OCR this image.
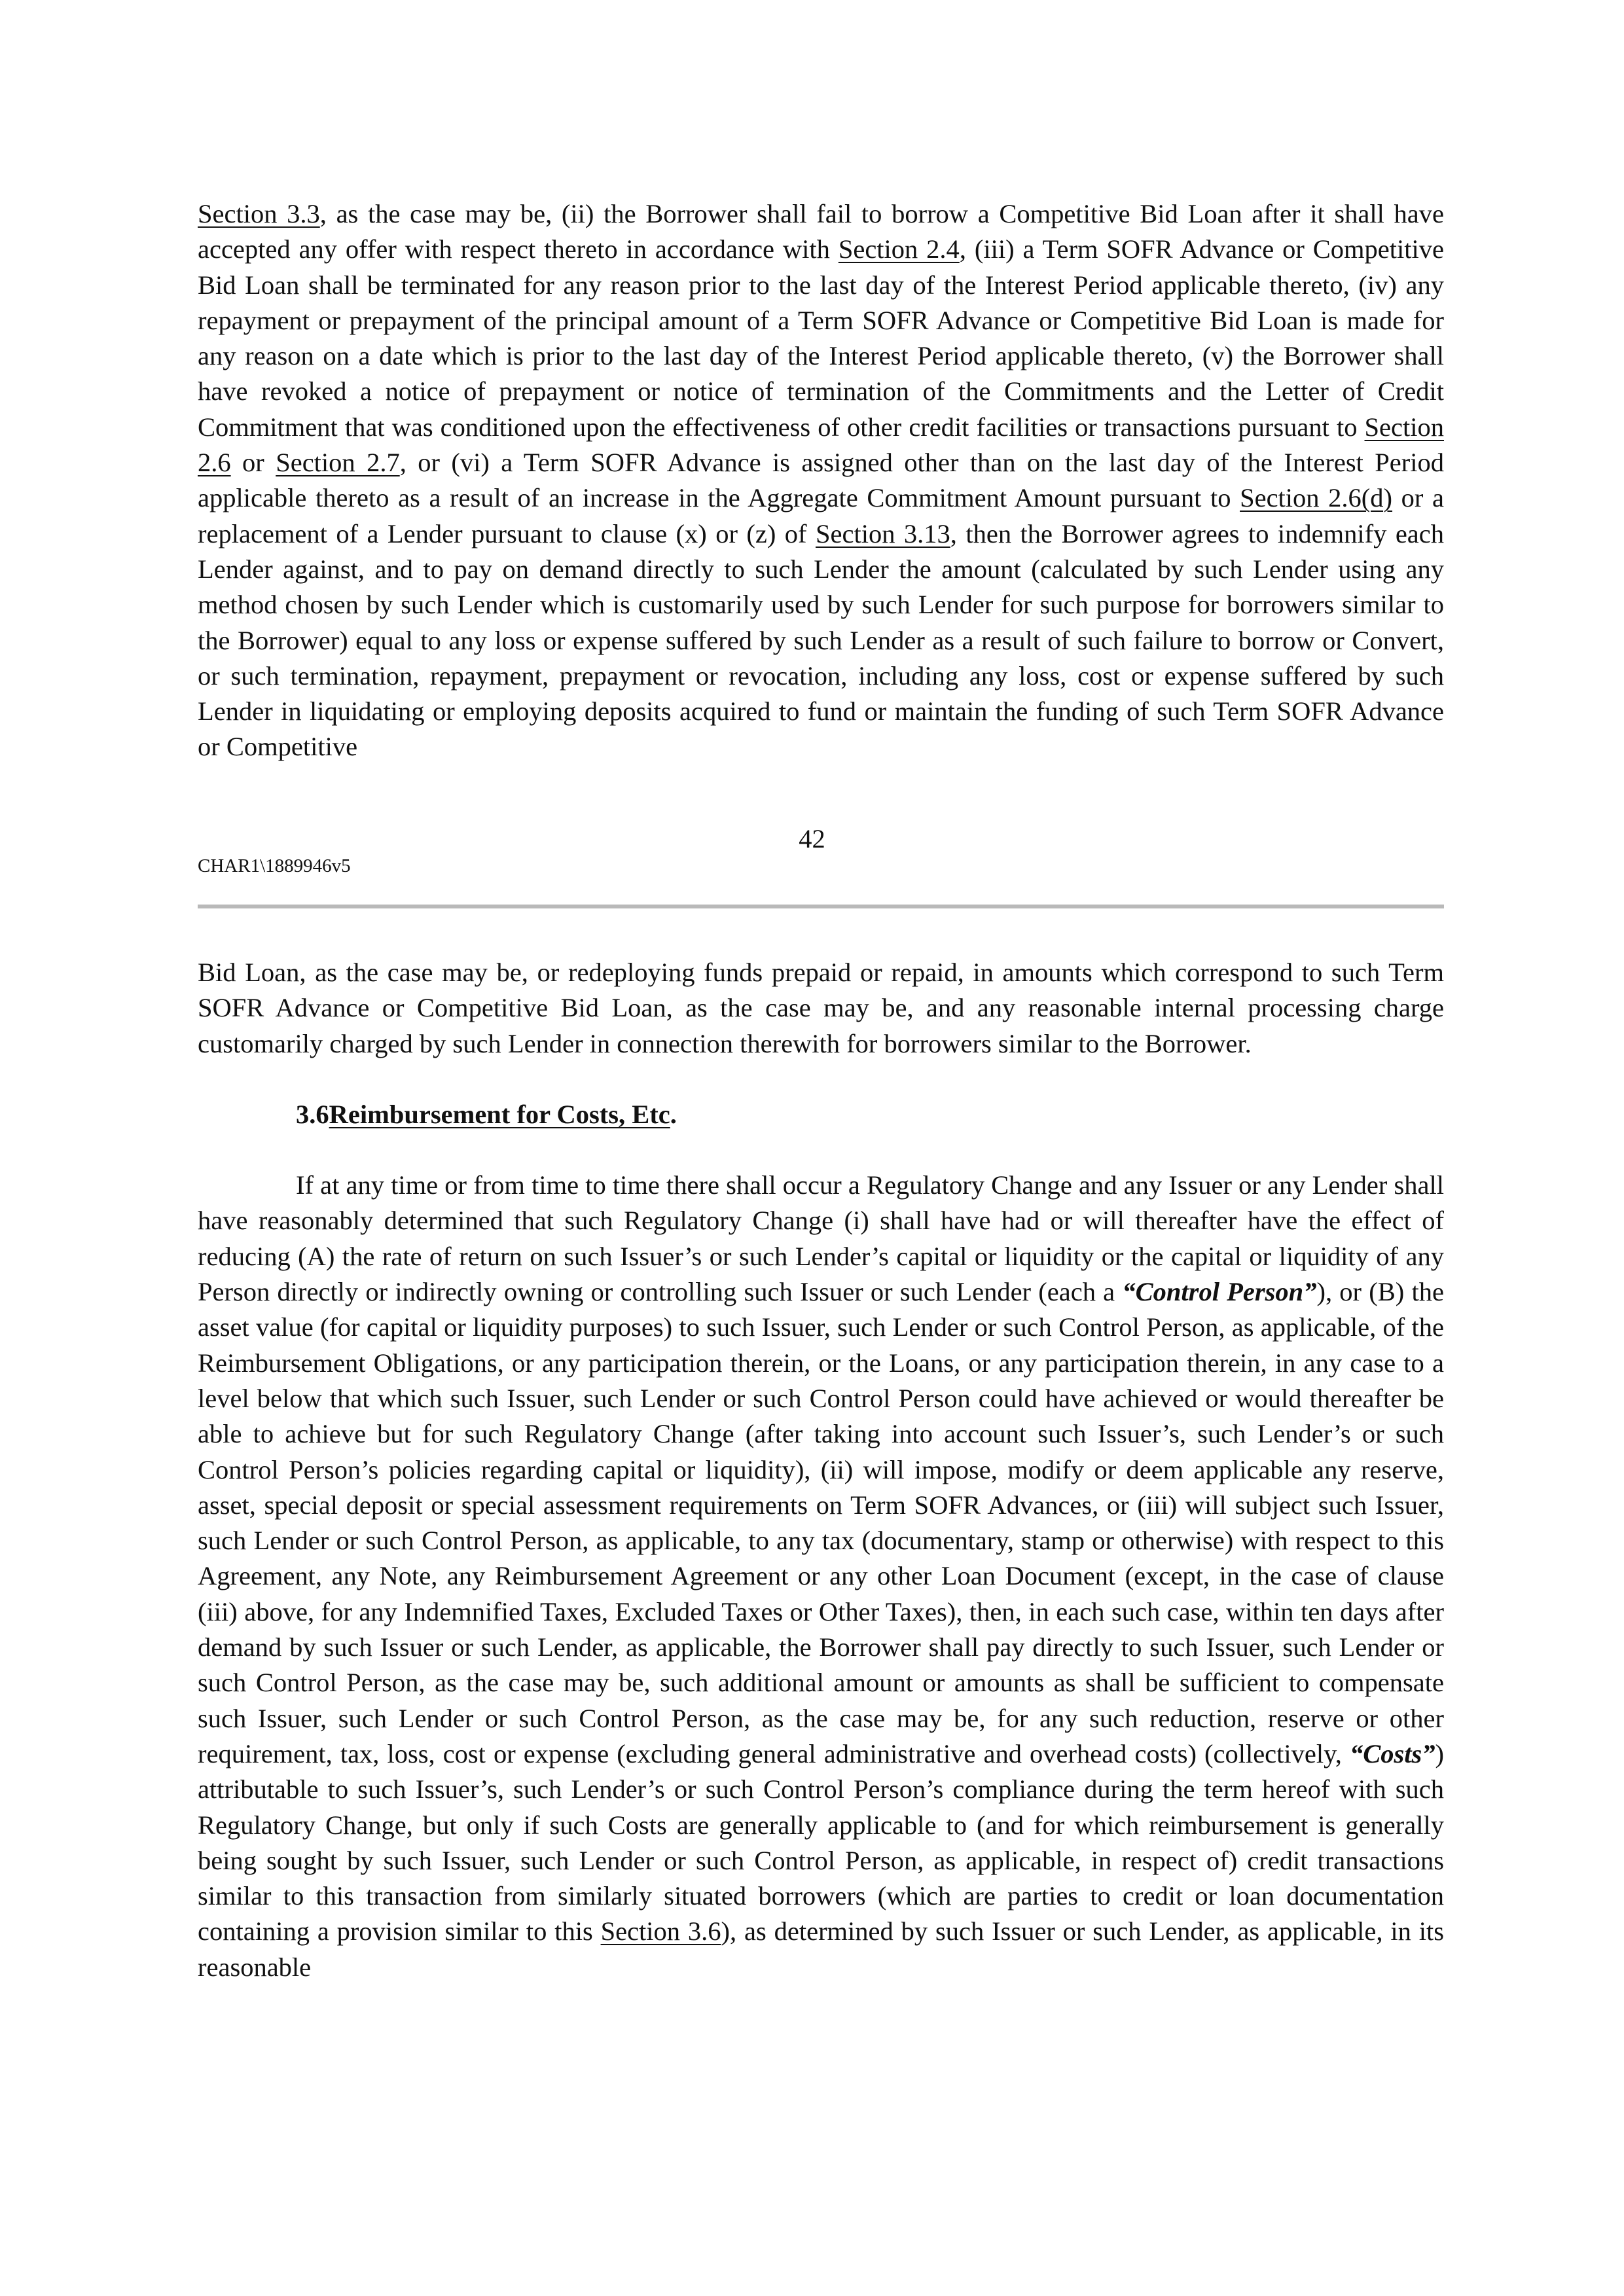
Section 3.3, as the case may be, (ii) the Borrower shall fail to borrow a Competitive Bid Loan after it shall have accepted any offer with respect thereto in accordance with Section 2.4, (iii) a Term SOFR Advance or Competitive Bid Loan shall be terminated for any reason prior to the last day of the Interest Period applicable thereto, (iv) any repayment or prepayment of the principal amount of a Term SOFR Advance or Competitive Bid Loan is made for any reason on a date which is prior to the last day of the Interest Period applicable thereto, (v) the Borrower shall have revoked a notice of prepayment or notice of termination of the Commitments and the Letter of Credit Commitment that was conditioned upon the effectiveness of other credit facilities or transactions pursuant to Section 2.6 or Section 2.7, or (vi) a Term SOFR Advance is assigned other than on the last day of the Interest Period applicable thereto as a result of an increase in the Aggregate Commitment Amount pursuant to Section 2.6(d) or a replacement of a Lender pursuant to clause (x) or (z) of Section 3.13, then the Borrower agrees to indemnify each Lender against, and to pay on demand directly to such Lender the amount (calculated by such Lender using any method chosen by such Lender which is customarily used by such Lender for such purpose for borrowers similar to the Borrower) equal to any loss or expense suffered by such Lender as a result of such failure to borrow or Convert, or such termination, repayment, prepayment or revocation, including any loss, cost or expense suffered by such Lender in liquidating or employing deposits acquired to fund or maintain the funding of such Term SOFR Advance or Competitive

42
CHAR1\1889946v5

Bid Loan, as the case may be, or redeploying funds prepaid or repaid, in amounts which correspond to such Term SOFR Advance or Competitive Bid Loan, as the case may be, and any reasonable internal processing charge customarily charged by such Lender in connection therewith for borrowers similar to the Borrower.

3.6Reimbursement for Costs, Etc.

If at any time or from time to time there shall occur a Regulatory Change and any Issuer or any Lender shall have reasonably determined that such Regulatory Change (i) shall have had or will thereafter have the effect of reducing (A) the rate of return on such Issuer’s or such Lender’s capital or liquidity or the capital or liquidity of any Person directly or indirectly owning or controlling such Issuer or such Lender (each a “Control Person”), or (B) the asset value (for capital or liquidity purposes) to such Issuer, such Lender or such Control Person, as applicable, of the Reimbursement Obligations, or any participation therein, or the Loans, or any participation therein, in any case to a level below that which such Issuer, such Lender or such Control Person could have achieved or would thereafter be able to achieve but for such Regulatory Change (after taking into account such Issuer’s, such Lender’s or such Control Person’s policies regarding capital or liquidity), (ii) will impose, modify or deem applicable any reserve, asset, special deposit or special assessment requirements on Term SOFR Advances, or (iii) will subject such Issuer, such Lender or such Control Person, as applicable, to any tax (documentary, stamp or otherwise) with respect to this Agreement, any Note, any Reimbursement Agreement or any other Loan Document (except, in the case of clause (iii) above, for any Indemnified Taxes, Excluded Taxes or Other Taxes), then, in each such case, within ten days after demand by such Issuer or such Lender, as applicable, the Borrower shall pay directly to such Issuer, such Lender or such Control Person, as the case may be, such additional amount or amounts as shall be sufficient to compensate such Issuer, such Lender or such Control Person, as the case may be, for any such reduction, reserve or other requirement, tax, loss, cost or expense (excluding general administrative and overhead costs) (collectively, “Costs”) attributable to such Issuer’s, such Lender’s or such Control Person’s compliance during the term hereof with such Regulatory Change, but only if such Costs are generally applicable to (and for which reimbursement is generally being sought by such Issuer, such Lender or such Control Person, as applicable, in respect of) credit transactions similar to this transaction from similarly situated borrowers (which are parties to credit or loan documentation containing a provision similar to this Section 3.6), as determined by such Issuer or such Lender, as applicable, in its reasonable
